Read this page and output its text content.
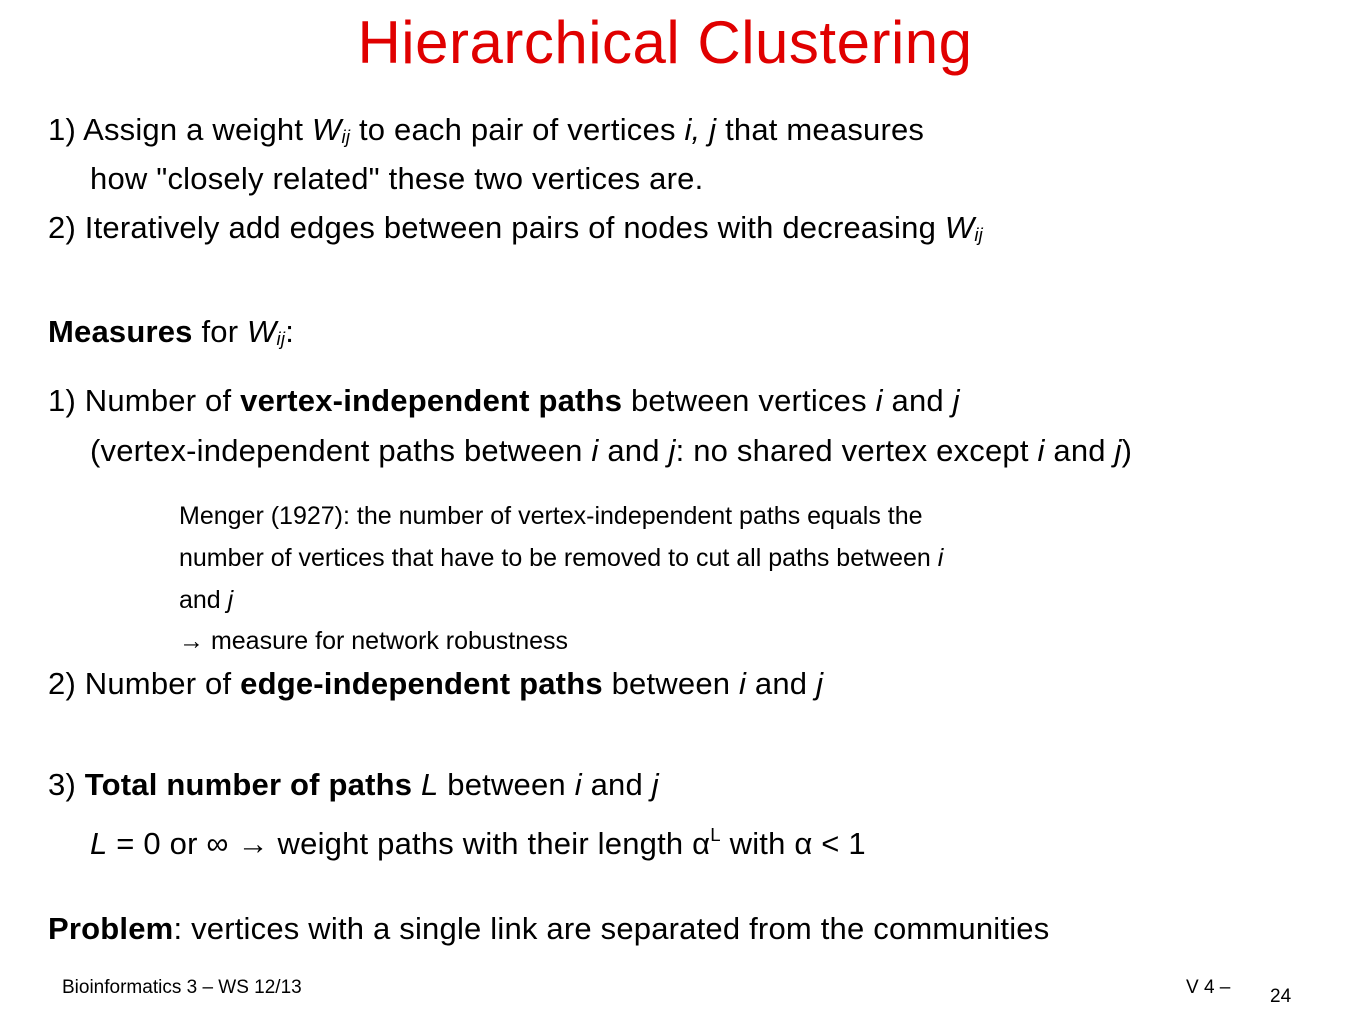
Hierarchical Clustering
1) Assign a weight $W_{ij}$ to each pair of vertices i, j that measures
how "closely related" these two vertices are.
2) Iteratively add edges between pairs of nodes with decreasing $W_{ij}$
Measures for $W_{ij}$:
1) Number of vertex-independent paths between vertices i and j
(vertex-independent paths between i and j: no shared vertex except i and j)
Menger (1927): the number of vertex-independent paths equals the
number of vertices that have to be removed to cut all paths between i
and j
→ measure for network robustness
2) Number of edge-independent paths between i and j
3) Total number of paths L between i and j
L = 0 or ∞ → weight paths with their length $\alpha^L$ with α < 1
Problem: vertices with a single link are separated from the communities
Bioinformatics 3 – WS 12/13	V 4 – 24
